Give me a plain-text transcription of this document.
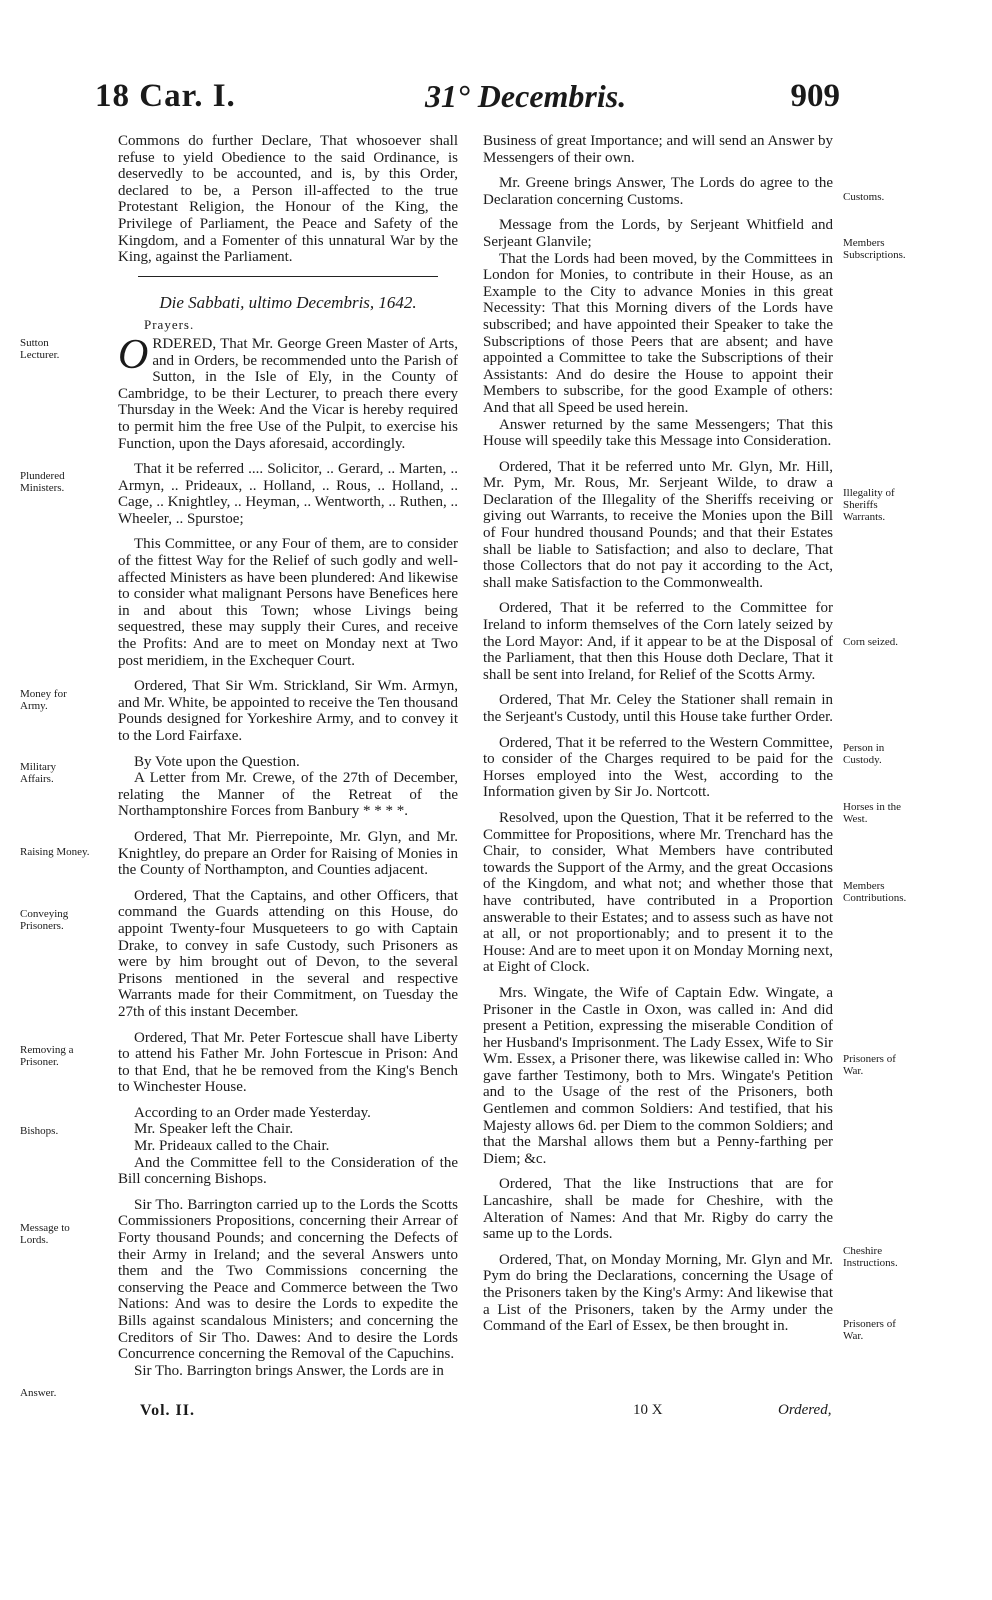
18 Car. I.	31° Decembris.	909

Commons do further Declare, That whosoever shall refuse to yield Obedience to the said Ordinance, is deservedly to be accounted, and is, by this Order, declared to be, a Person ill-affected to the true Protestant Religion, the Honour of the King, the Privilege of Parliament, the Peace and Safety of the Kingdom, and a Fomenter of this unnatural War by the King, against the Parliament.

Die Sabbati, ultimo Decembris, 1642.
Prayers.

ORDERED, That Mr. George Green Master of Arts, and in Orders, be recommended unto the Parish of Sutton, in the Isle of Ely, in the County of Cambridge, to be their Lecturer, to preach there every Thursday in the Week: And the Vicar is hereby required to permit him the free Use of the Pulpit, to exercise his Function, upon the Days aforesaid, accordingly.

That it be referred .... Solicitor, .. Gerard, .. Marten, .. Armyn, .. Prideaux, .. Holland, .. Rous, .. Holland, .. Cage, .. Knightley, .. Heyman, .. Wentworth, .. Ruthen, .. Wheeler, .. Spurstoe;

This Committee, or any Four of them, are to consider of the fittest Way for the Relief of such godly and well-affected Ministers as have been plundered: And likewise to consider what malignant Persons have Benefices here in and about this Town; whose Livings being sequestred, these may supply their Cures, and receive the Profits: And are to meet on Monday next at Two post meridiem, in the Exchequer Court.

Ordered, That Sir Wm. Strickland, Sir Wm. Armyn, and Mr. White, be appointed to receive the Ten thousand Pounds designed for Yorkeshire Army, and to convey it to the Lord Fairfaxe.

By Vote upon the Question.

A Letter from Mr. Crewe, of the 27th of December, relating the Manner of the Retreat of the Northamptonshire Forces from Banbury * * * *.

Ordered, That Mr. Pierrepointe, Mr. Glyn, and Mr. Knightley, do prepare an Order for Raising of Monies in the County of Northampton, and Counties adjacent.

Ordered, That the Captains, and other Officers, that command the Guards attending on this House, do appoint Twenty-four Musqueteers to go with Captain Drake, to convey in safe Custody, such Prisoners as were by him brought out of Devon, to the several Prisons mentioned in the several and respective Warrants made for their Commitment, on Tuesday the 27th of this instant December.

Ordered, That Mr. Peter Fortescue shall have Liberty to attend his Father Mr. John Fortescue in Prison: And to that End, that he be removed from the King's Bench to Winchester House.

According to an Order made Yesterday.

Mr. Speaker left the Chair.

Mr. Prideaux called to the Chair.

And the Committee fell to the Consideration of the Bill concerning Bishops.

Sir Tho. Barrington carried up to the Lords the Scotts Commissioners Propositions, concerning their Arrear of Forty thousand Pounds; and concerning the Defects of their Army in Ireland; and the several Answers unto them and the Two Commissions concerning the conserving the Peace and Commerce between the Two Nations: And was to desire the Lords to expedite the Bills against scandalous Ministers; and concerning the Creditors of Sir Tho. Dawes: And to desire the Lords Concurrence concerning the Removal of the Capuchins.

Sir Tho. Barrington brings Answer, the Lords are in

Business of great Importance; and will send an Answer by Messengers of their own.

Mr. Greene brings Answer, The Lords do agree to the Declaration concerning Customs.

Message from the Lords, by Serjeant Whitfield and Serjeant Glanvile;

That the Lords had been moved, by the Committees in London for Monies, to contribute in their House, as an Example to the City to advance Monies in this great Necessity: That this Morning divers of the Lords have subscribed; and have appointed their Speaker to take the Subscriptions of those Peers that are absent; and have appointed a Committee to take the Subscriptions of their Assistants: And do desire the House to appoint their Members to subscribe, for the good Example of others: And that all Speed be used herein.

Answer returned by the same Messengers; That this House will speedily take this Message into Consideration.

Ordered, That it be referred unto Mr. Glyn, Mr. Hill, Mr. Pym, Mr. Rous, Mr. Serjeant Wilde, to draw a Declaration of the Illegality of the Sheriffs receiving or giving out Warrants, to receive the Monies upon the Bill of Four hundred thousand Pounds; and that their Estates shall be liable to Satisfaction; and also to declare, That those Collectors that do not pay it according to the Act, shall make Satisfaction to the Commonwealth.

Ordered, That it be referred to the Committee for Ireland to inform themselves of the Corn lately seized by the Lord Mayor: And, if it appear to be at the Disposal of the Parliament, that then this House doth Declare, That it shall be sent into Ireland, for Relief of the Scotts Army.

Ordered, That Mr. Celey the Stationer shall remain in the Serjeant's Custody, until this House take further Order.

Ordered, That it be referred to the Western Committee, to consider of the Charges required to be paid for the Horses employed into the West, according to the Information given by Sir Jo. Nortcott.

Resolved, upon the Question, That it be referred to the Committee for Propositions, where Mr. Trenchard has the Chair, to consider, What Members have contributed towards the Support of the Army, and the great Occasions of the Kingdom, and what not; and whether those that have contributed, have contributed in a Proportion answerable to their Estates; and to assess such as have not at all, or not proportionably; and to present it to the House: And are to meet upon it on Monday Morning next, at Eight of Clock.

Mrs. Wingate, the Wife of Captain Edw. Wingate, a Prisoner in the Castle in Oxon, was called in: And did present a Petition, expressing the miserable Condition of her Husband's Imprisonment. The Lady Essex, Wife to Sir Wm. Essex, a Prisoner there, was likewise called in: Who gave farther Testimony, both to Mrs. Wingate's Petition and to the Usage of the rest of the Prisoners, both Gentlemen and common Soldiers: And testified, that his Majesty allows 6d. per Diem to the common Soldiers; and that the Marshal allows them but a Penny-farthing per Diem; &c.

Ordered, That the like Instructions that are for Lancashire, shall be made for Cheshire, with the Alteration of Names: And that Mr. Rigby do carry the same up to the Lords.

Ordered, That, on Monday Morning, Mr. Glyn and Mr. Pym do bring the Declarations, concerning the Usage of the Prisoners taken by the King's Army: And likewise that a List of the Prisoners, taken by the Army under the Command of the Earl of Essex, be then brought in.

Sutton Lecturer.
Plundered Ministers.
Money for Army.
Military Affairs.
Raising Money.
Conveying Prisoners.
Removing a Prisoner.
Bishops.
Message to Lords.
Answer.
Customs.
Members Subscriptions.
Illegality of Sheriffs Warrants.
Corn seized.
Person in Custody.
Horses in the West.
Members Contributions.
Prisoners of War.
Cheshire Instructions.
Prisoners of War.
Vol. II.	10 X	Ordered,
